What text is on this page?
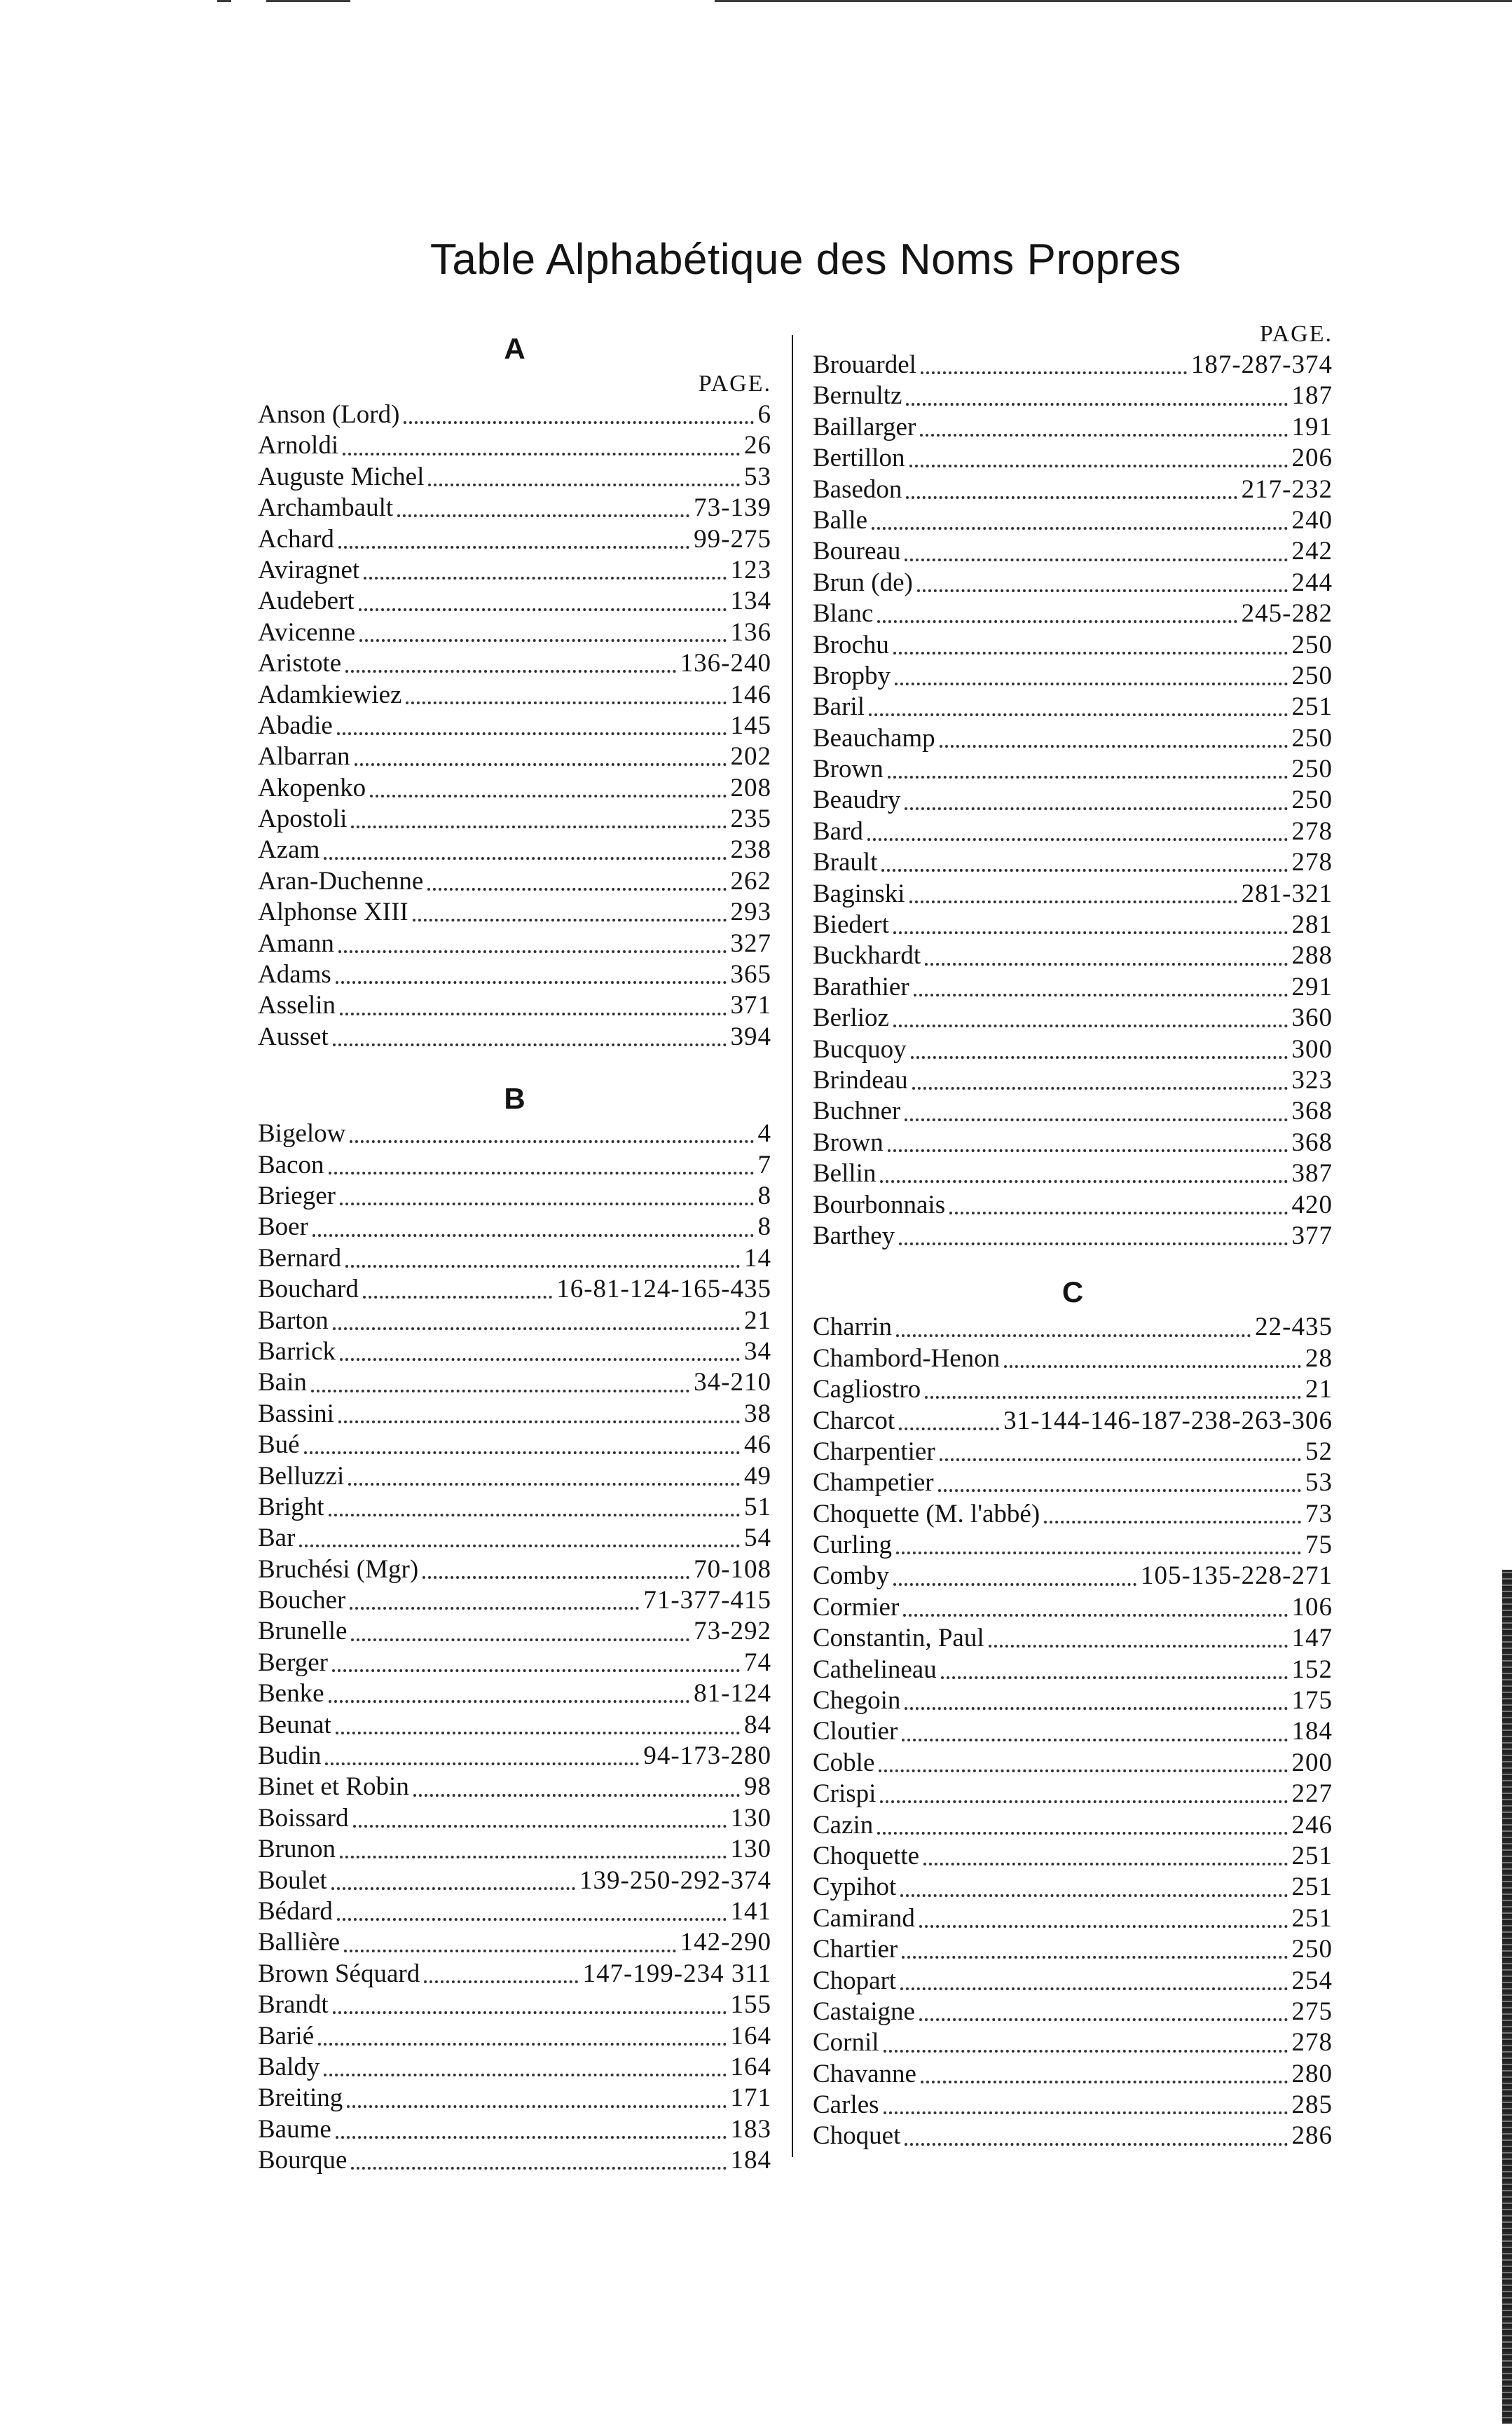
Table Alphabétique des Noms Propres
A
PAGE.
Anson (Lord)	6
Arnoldi	26
Auguste Michel	53
Archambault	73-139
Achard	99-275
Aviragnet	123
Audebert	134
Avicenne	136
Aristote	136-240
Adamkiewiez	146
Abadie	145
Albarran	202
Akopenko	208
Apostoli	235
Azam	238
Aran-Duchenne	262
Alphonse XIII	293
Amann	327
Adams	365
Asselin	371
Ausset	394
B
Bigelow	4
Bacon	7
Brieger	8
Boer	8
Bernard	14
Bouchard	16-81-124-165-435
Barton	21
Barrick	34
Bain	34-210
Bassini	38
Bué	46
Belluzzi	49
Bright	51
Bar	54
Bruchési (Mgr)	70-108
Boucher	71-377-415
Brunelle	73-292
Berger	74
Benke	81-124
Beunat	84
Budin	94-173-280
Binet et Robin	98
Boissard	130
Brunon	130
Boulet	139-250-292-374
Bédard	141
Ballière	142-290
Brown Séquard	147-199-234 311
Brandt	155
Barié	164
Baldy	164
Breiting	171
Baume	183
Bourque	184
PAGE.
Brouardel	187-287-374
Bernultz	187
Baillarger	191
Bertillon	206
Basedon	217-232
Balle	240
Boureau	242
Brun (de)	244
Blanc	245-282
Brochu	250
Bropby	250
Baril	251
Beauchamp	250
Brown	250
Beaudry	250
Bard	278
Brault	278
Baginski	281-321
Biedert	281
Buckhardt	288
Barathier	291
Berlioz	360
Bucquoy	300
Brindeau	323
Buchner	368
Brown	368
Bellin	387
Bourbonnais	420
Barthey	377
C
Charrin	22-435
Chambord-Henon	28
Cagliostro	21
Charcot	31-144-146-187-238-263-306
Charpentier	52
Champetier	53
Choquette (M. l'abbé)	73
Curling	75
Comby	105-135-228-271
Cormier	106
Constantin, Paul	147
Cathelineau	152
Chegoin	175
Cloutier	184
Coble	200
Crispi	227
Cazin	246
Choquette	251
Cypihot	251
Camirand	251
Chartier	250
Chopart	254
Castaigne	275
Cornil	278
Chavanne	280
Carles	285
Choquet	286
